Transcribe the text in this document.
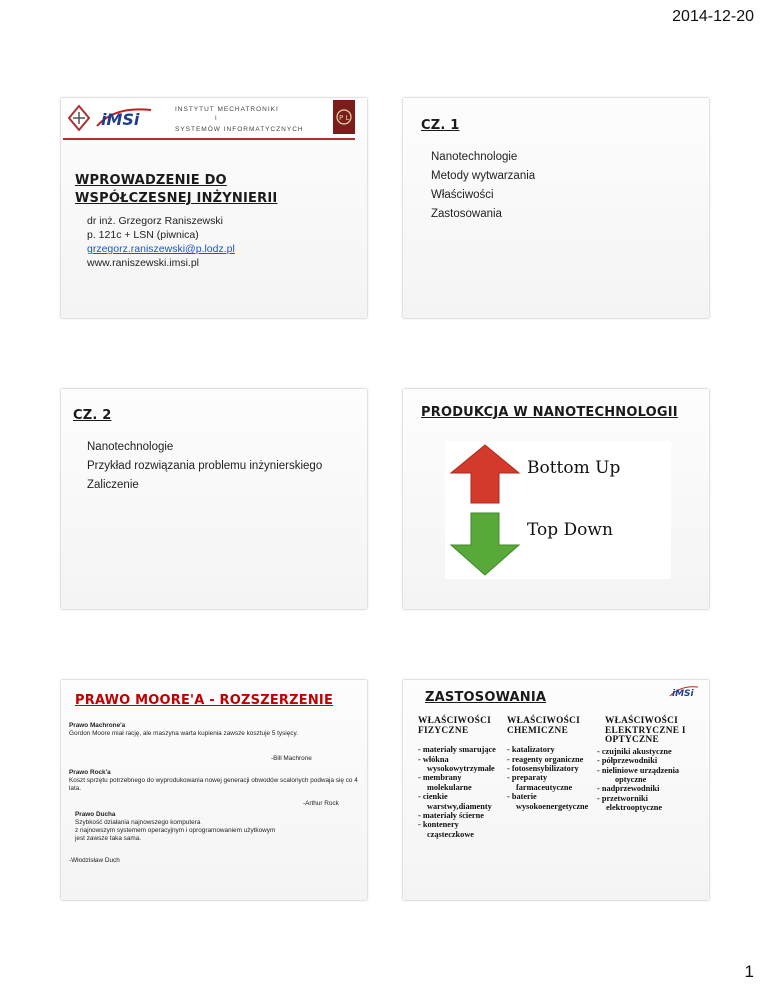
2014-12-20
iMSi
INSTYTUT MECHATRONIKI
I
SYSTEMÓW INFORMATYCZNYCH
P L
WPROWADZENIE DO WSPÓŁCZESNEJ INŻYNIERII
dr inż. Grzegorz Raniszewski
p. 121c + LSN (piwnica)
grzegorz.raniszewski@p.lodz.pl
www.raniszewski.imsi.pl
CZ. 1
Nanotechnologie
Metody wytwarzania
Właściwości
Zastosowania
CZ. 2
Nanotechnologie
Przykład rozwiązania problemu inżynierskiego
Zaliczenie
PRODUKCJA W NANOTECHNOLOGII
Bottom Up
Top Down
PRAWO MOORE'A - ROZSZERZENIE
Prawo Machrone'a
Gordon Moore miał rację, ale maszyna warta kupienia zawsze kosztuje 5 tysięcy.
-Bill Machrone
Prawo Rock'a
Koszt sprzętu potrzebnego do wyprodukowania nowej generacji obwodów scalonych podwaja się co 4 lata.
-Arthur Rock
Prawo Ducha
Szybkość działania najnowszego komputera
z najnowszym systemem operacyjnym i oprogramowaniem użytkowym
jest zawsze taka sama.
-Włodzisław Duch
ZASTOSOWANIA	iMSi
WŁAŚCIWOŚCI
FIZYCZNE
- materiały smarujące
- włókna
wysokowytrzymałe
- membrany
molekularne
- cienkie
warstwy,diamenty
- materiały ścierne
- kontenery
cząsteczkowe
WŁAŚCIWOŚCI
CHEMICZNE
- katalizatory
- reagenty organiczne
- fotosensybilizatory
- preparaty
farmaceutyczne
- baterie
wysokoenergetyczne
WŁAŚCIWOŚCI
ELEKTRYCZNE I
OPTYCZNE
- czujniki akustyczne
- półprzewodniki
- nieliniowe urządzenia
optyczne
- nadprzewodniki
- przetworniki
elektrooptyczne
1
